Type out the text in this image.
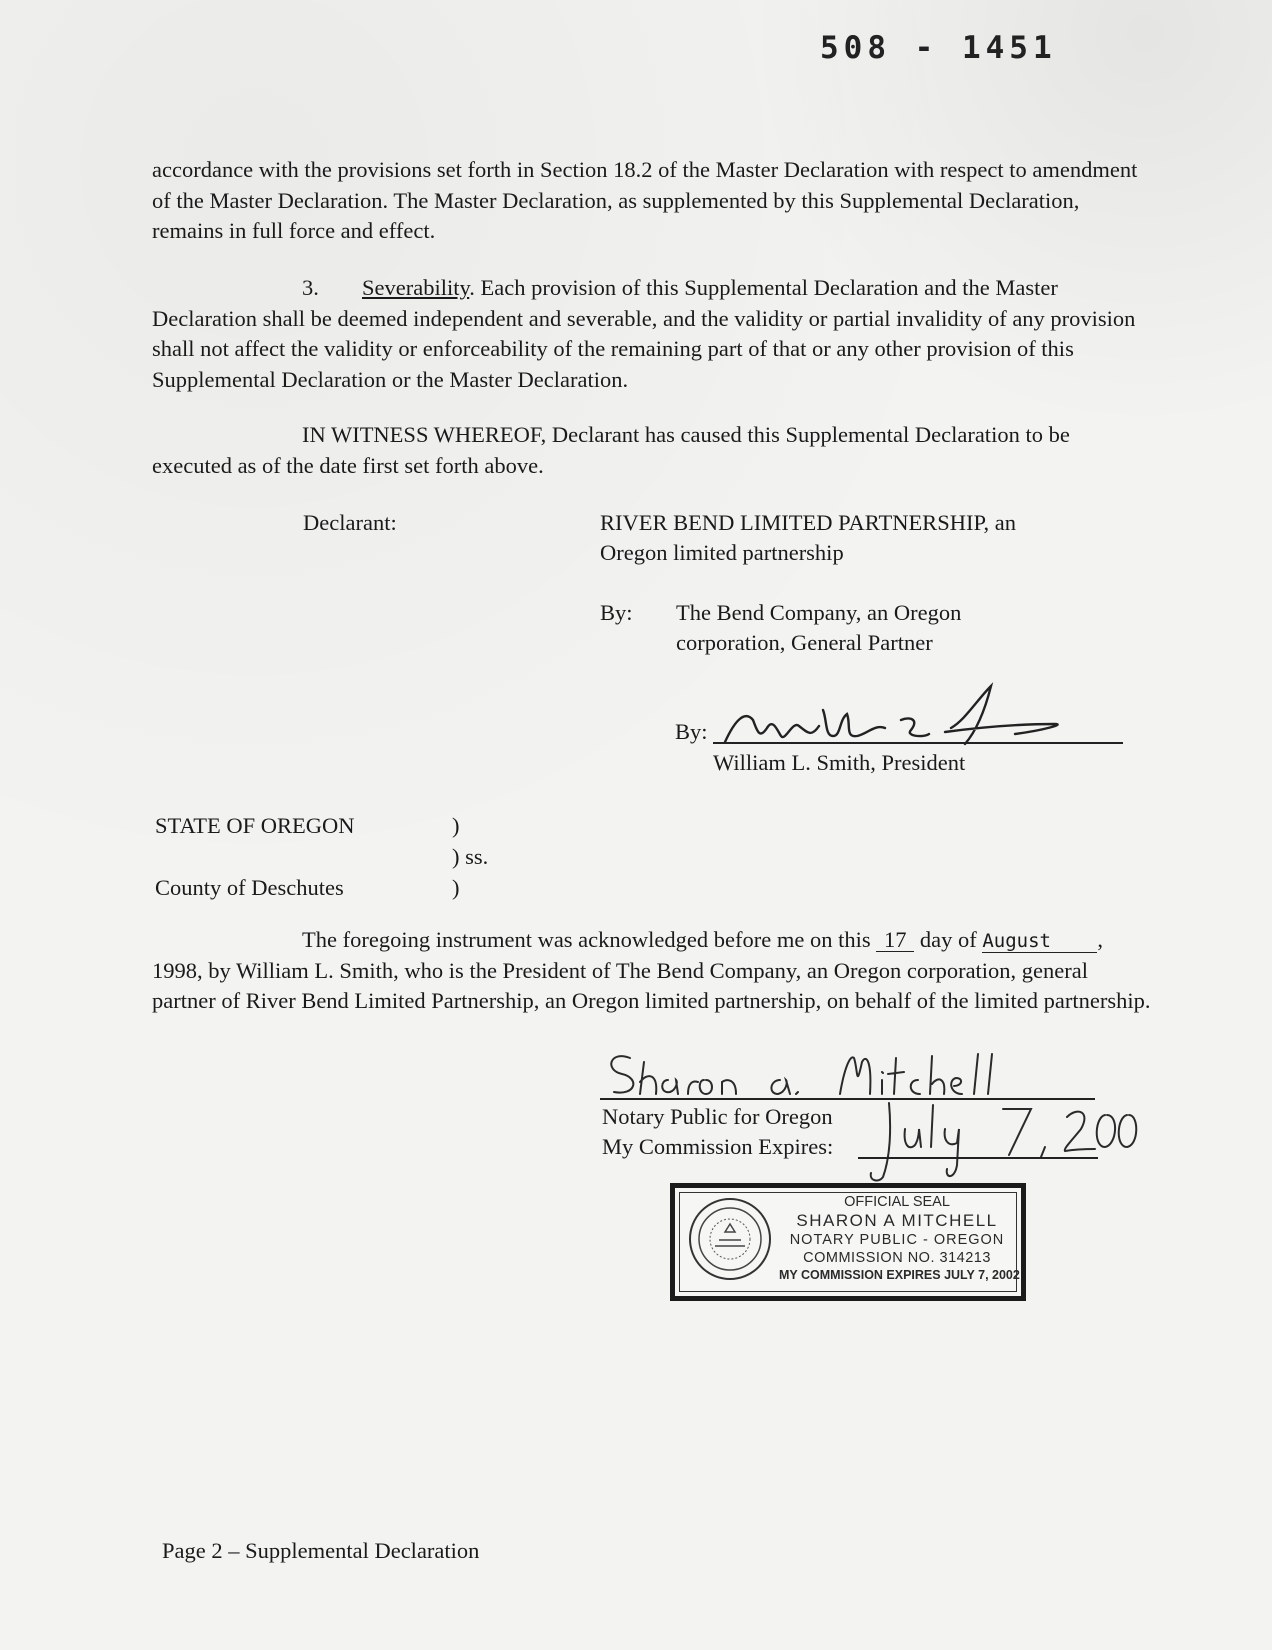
508 - 1451

accordance with the provisions set forth in Section 18.2 of the Master Declaration with respect to amendment of the Master Declaration. The Master Declaration, as supplemented by this Supplemental Declaration, remains in full force and effect.

3. Severability. Each provision of this Supplemental Declaration and the Master Declaration shall be deemed independent and severable, and the validity or partial invalidity of any provision shall not affect the validity or enforceability of the remaining part of that or any other provision of this Supplemental Declaration or the Master Declaration.

IN WITNESS WHEREOF, Declarant has caused this Supplemental Declaration to be executed as of the date first set forth above.

Declarant:	RIVER BEND LIMITED PARTNERSHIP, an
Oregon limited partnership
By: The Bend Company, an Oregon
corporation, General Partner
By:
William L. Smith, President
STATE OF OREGON	)
) ss.
County of Deschutes	)

The foregoing instrument was acknowledged before me on this 17 day of August , 1998, by William L. Smith, who is the President of The Bend Company, an Oregon corporation, general partner of River Bend Limited Partnership, an Oregon limited partnership, on behalf of the limited partnership.

Notary Public for Oregon
My Commission Expires:
OFFICIAL SEAL
SHARON A MITCHELL
NOTARY PUBLIC - OREGON
COMMISSION NO. 314213
MY COMMISSION EXPIRES JULY 7, 2002
Page 2 – Supplemental Declaration
